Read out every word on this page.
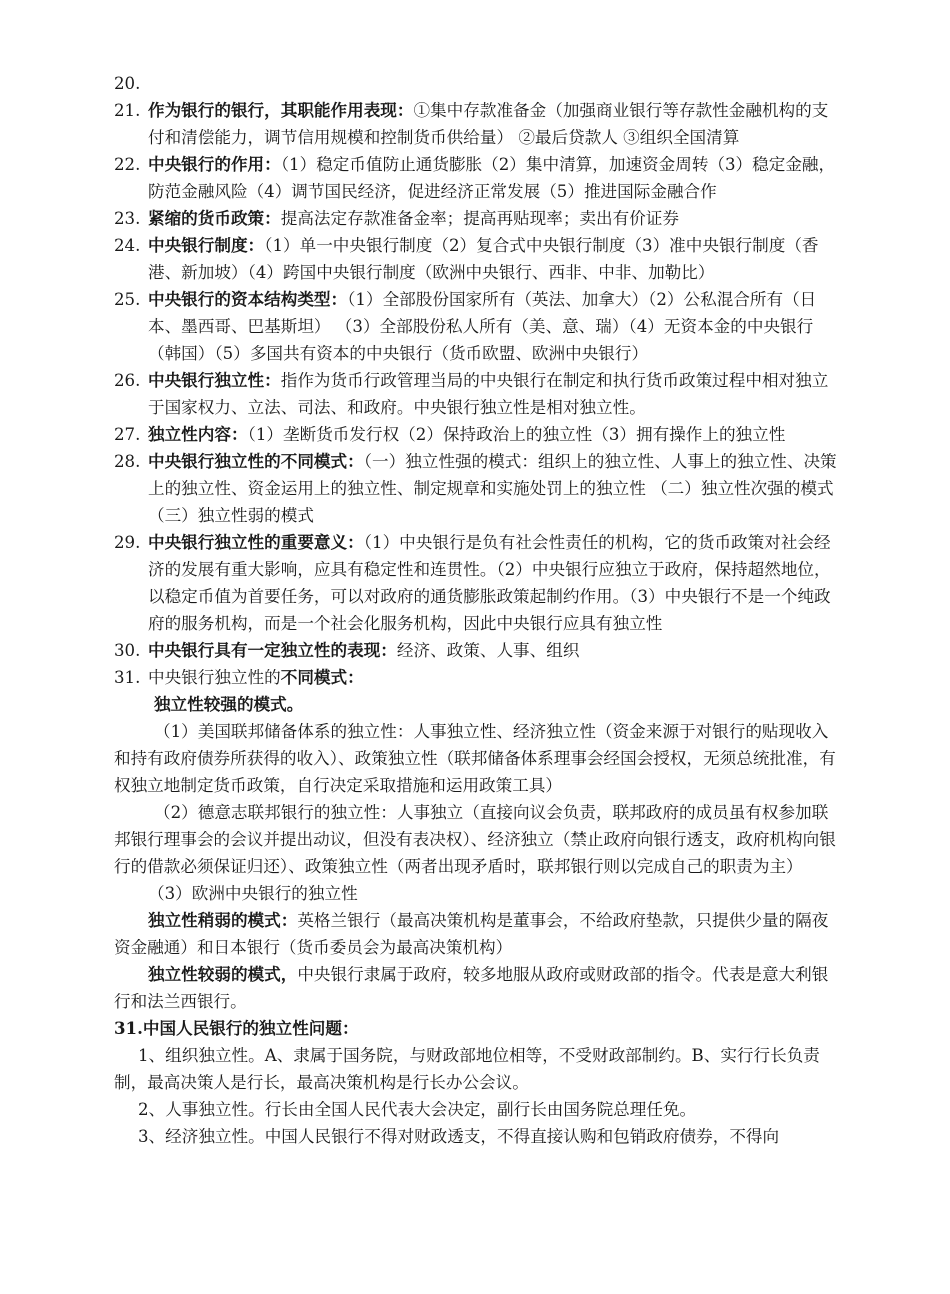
20.

21. 作为银行的银行，其职能作用表现：①集中存款准备金（加强商业银行等存款性金融机构的支付和清偿能力，调节信用规模和控制货币供给量） ②最后贷款人 ③组织全国清算
22. 中央银行的作用：（1）稳定币值防止通货膨胀（2）集中清算，加速资金周转（3）稳定金融，防范金融风险（4）调节国民经济，促进经济正常发展（5）推进国际金融合作
23. 紧缩的货币政策：提高法定存款准备金率；提高再贴现率；卖出有价证券
24. 中央银行制度：（1）单一中央银行制度（2）复合式中央银行制度（3）准中央银行制度（香港、新加坡）（4）跨国中央银行制度（欧洲中央银行、西非、中非、加勒比）
25. 中央银行的资本结构类型：（1）全部股份国家所有（英法、加拿大）（2）公私混合所有（日本、墨西哥、巴基斯坦） （3）全部股份私人所有（美、意、瑞）（4）无资本金的中央银行（韩国）（5）多国共有资本的中央银行（货币欧盟、欧洲中央银行）
26. 中央银行独立性：指作为货币行政管理当局的中央银行在制定和执行货币政策过程中相对独立于国家权力、立法、司法、和政府。中央银行独立性是相对独立性。
27. 独立性内容：（1）垄断货币发行权（2）保持政治上的独立性（3）拥有操作上的独立性
28. 中央银行独立性的不同模式：（一）独立性强的模式：组织上的独立性、人事上的独立性、决策上的独立性、资金运用上的独立性、制定规章和实施处罚上的独立性 （二）独立性次强的模式 （三）独立性弱的模式
29. 中央银行独立性的重要意义：（1）中央银行是负有社会性责任的机构，它的货币政策对社会经济的发展有重大影响，应具有稳定性和连贯性。（2）中央银行应独立于政府，保持超然地位，以稳定币值为首要任务，可以对政府的通货膨胀政策起制约作用。（3）中央银行不是一个纯政府的服务机构，而是一个社会化服务机构，因此中央银行应具有独立性
30. 中央银行具有一定独立性的表现：经济、政策、人事、组织
31. 中央银行独立性的不同模式：
独立性较强的模式。

（1）美国联邦储备体系的独立性：人事独立性、经济独立性（资金来源于对银行的贴现收入和持有政府债券所获得的收入）、政策独立性（联邦储备体系理事会经国会授权，无须总统批准，有权独立地制定货币政策，自行决定采取措施和运用政策工具）

（2）德意志联邦银行的独立性：人事独立（直接向议会负责，联邦政府的成员虽有权参加联邦银行理事会的会议并提出动议，但没有表决权）、经济独立（禁止政府向银行透支，政府机构向银行的借款必须保证归还）、政策独立性（两者出现矛盾时，联邦银行则以完成自己的职责为主）

（3）欧洲中央银行的独立性

独立性稍弱的模式：英格兰银行（最高决策机构是董事会，不给政府垫款，只提供少量的隔夜资金融通）和日本银行（货币委员会为最高决策机构）

独立性较弱的模式，中央银行隶属于政府，较多地服从政府或财政部的指令。代表是意大利银行和法兰西银行。

31.中国人民银行的独立性问题：

1、组织独立性。A、隶属于国务院，与财政部地位相等，不受财政部制约。B、实行行长负责制，最高决策人是行长，最高决策机构是行长办公会议。

2、人事独立性。行长由全国人民代表大会决定，副行长由国务院总理任免。

3、经济独立性。中国人民银行不得对财政透支，不得直接认购和包销政府债券，不得向
